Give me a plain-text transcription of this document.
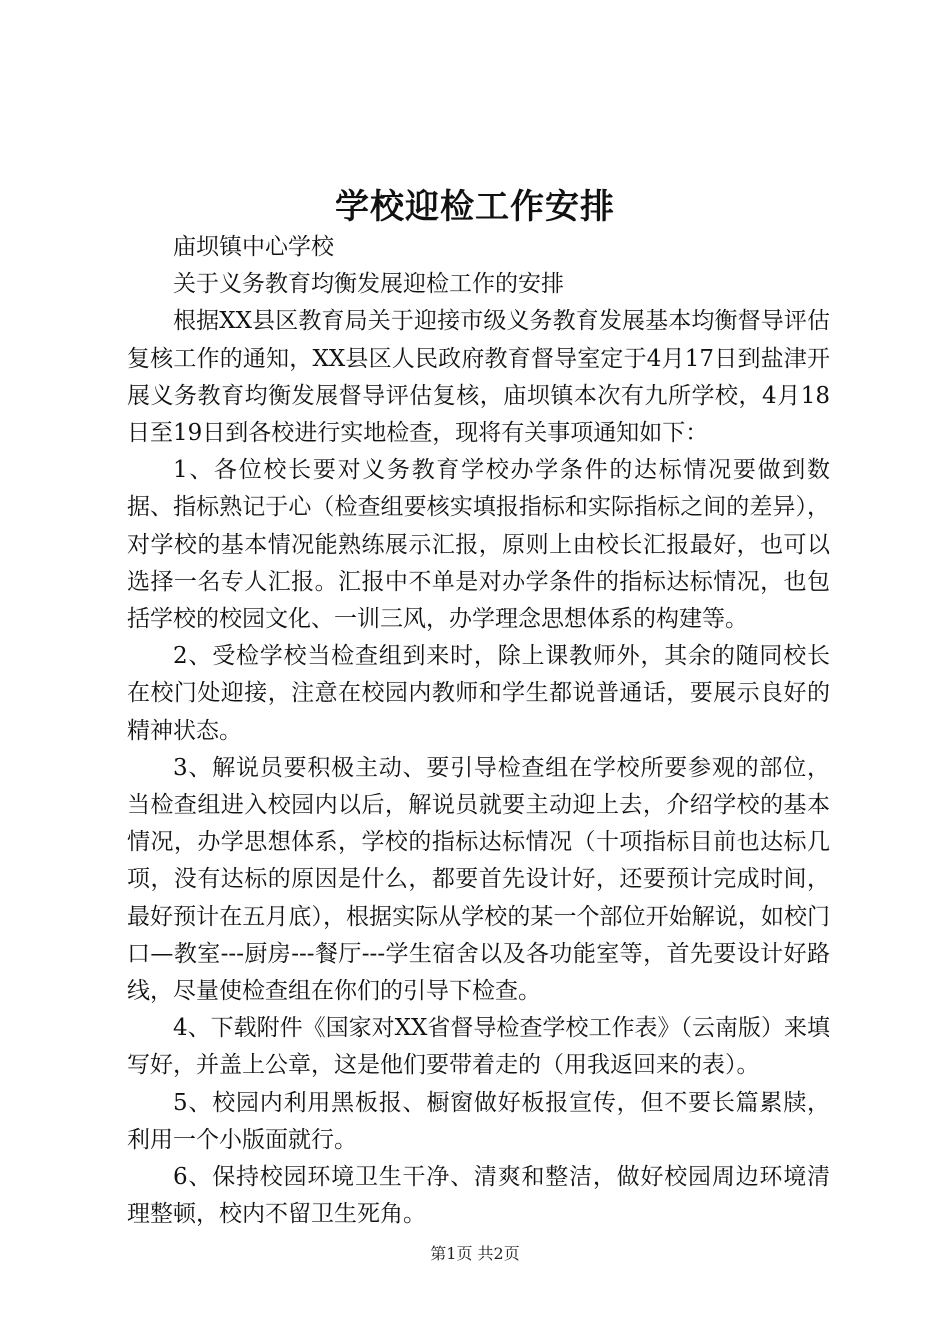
学校迎检工作安排

庙坝镇中心学校

关于义务教育均衡发展迎检工作的安排

根据XX县区教育局关于迎接市级义务教育发展基本均衡督导评估复核工作的通知，XX县区人民政府教育督导室定于4月17日到盐津开展义务教育均衡发展督导评估复核，庙坝镇本次有九所学校，4月18日至19日到各校进行实地检查，现将有关事项通知如下：

1、各位校长要对义务教育学校办学条件的达标情况要做到数据、指标熟记于心（检查组要核实填报指标和实际指标之间的差异），对学校的基本情况能熟练展示汇报，原则上由校长汇报最好，也可以选择一名专人汇报。汇报中不单是对办学条件的指标达标情况，也包括学校的校园文化、一训三风，办学理念思想体系的构建等。

2、受检学校当检查组到来时，除上课教师外，其余的随同校长在校门处迎接，注意在校园内教师和学生都说普通话，要展示良好的精神状态。

3、解说员要积极主动、要引导检查组在学校所要参观的部位，当检查组进入校园内以后，解说员就要主动迎上去，介绍学校的基本情况，办学思想体系，学校的指标达标情况（十项指标目前也达标几项，没有达标的原因是什么，都要首先设计好，还要预计完成时间，最好预计在五月底），根据实际从学校的某一个部位开始解说，如校门口—教室---厨房---餐厅---学生宿舍以及各功能室等，首先要设计好路线，尽量使检查组在你们的引导下检查。

4、下载附件《国家对XX省督导检查学校工作表》（云南版）来填写好，并盖上公章，这是他们要带着走的（用我返回来的表）。

5、校园内利用黑板报、橱窗做好板报宣传，但不要长篇累牍，利用一个小版面就行。

6、保持校园环境卫生干净、清爽和整洁，做好校园周边环境清理整顿，校内不留卫生死角。

第1页 共2页
